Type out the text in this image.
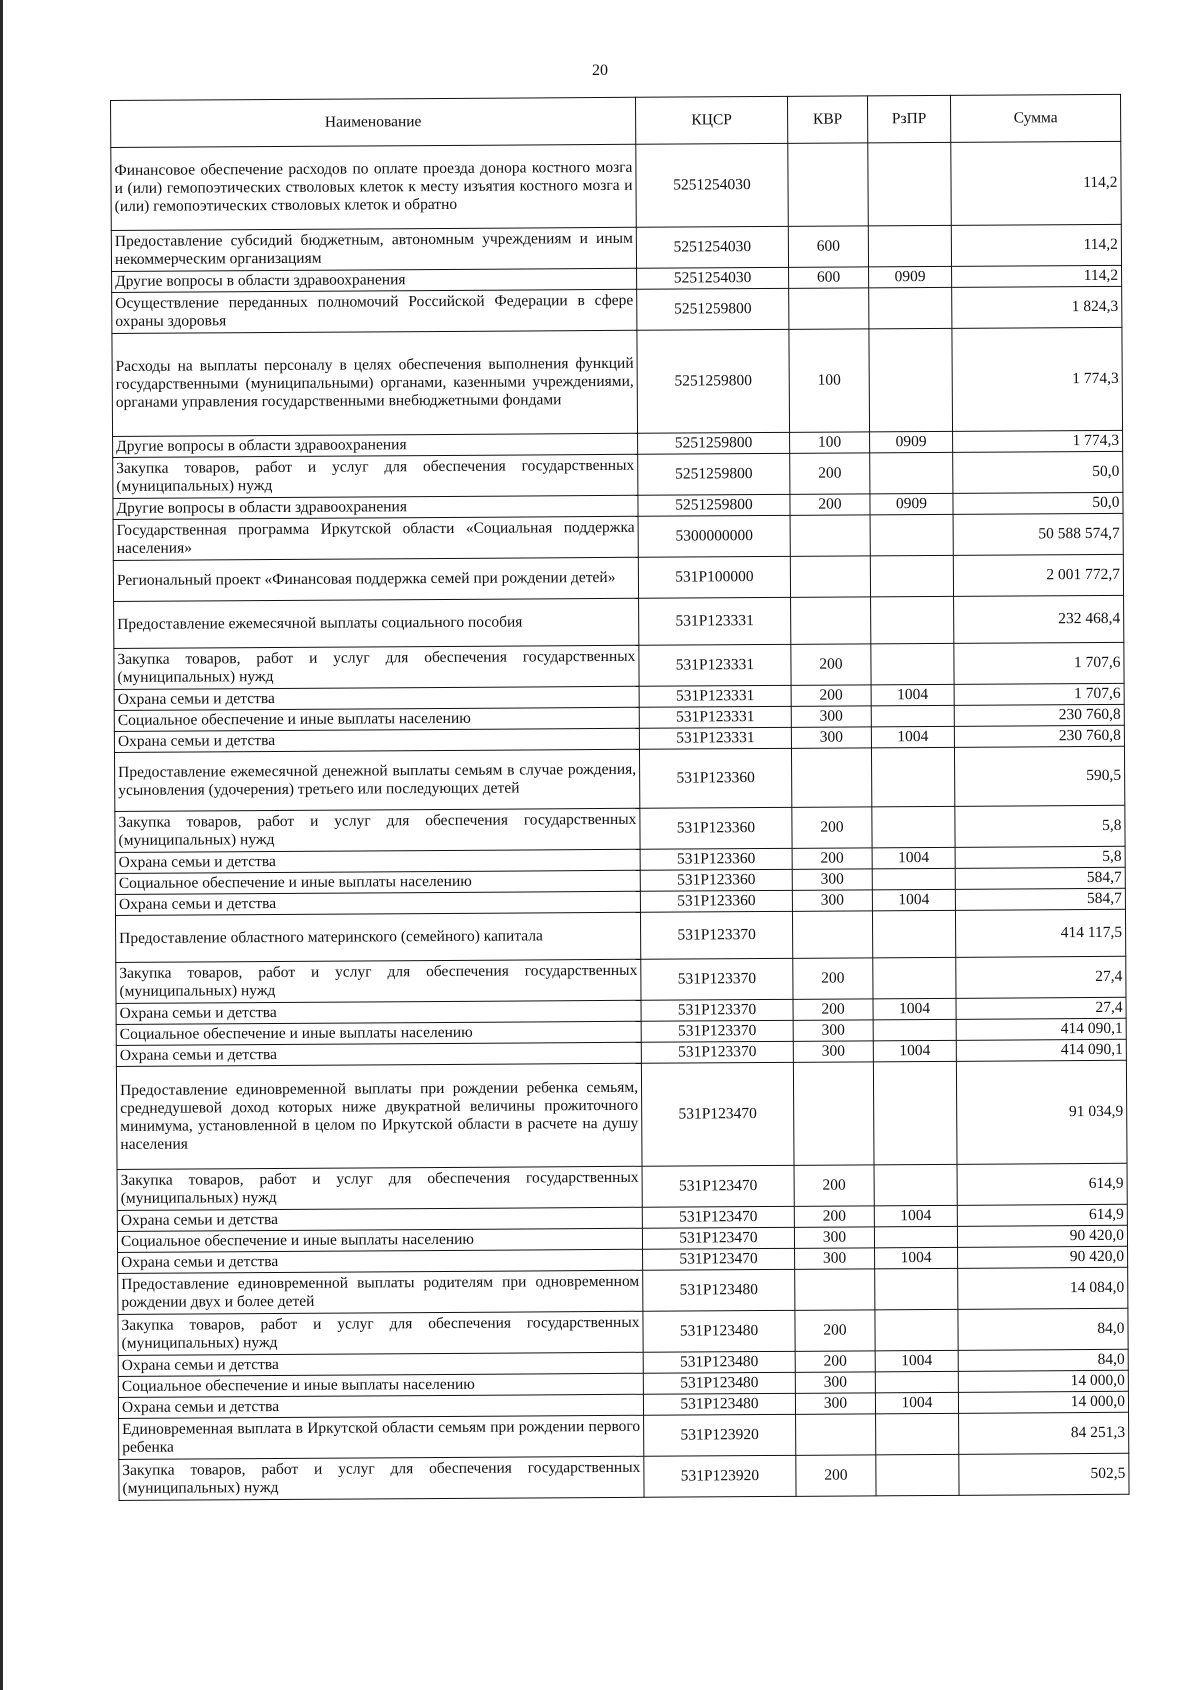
20
Наименование	КЦСР	КВР	РзПР	Сумма
Финансовое обеспечение расходов по оплате проезда донора костного мозга и (или) гемопоэтических стволовых клеток к месту изъятия костного мозга и (или) гемопоэтических стволовых клеток и обратно	5251254030			114,2
Предоставление субсидий бюджетным, автономным учреждениям и иным некоммерческим организациям	5251254030	600		114,2
Другие вопросы в области здравоохранения	5251254030	600	0909	114,2
Осуществление переданных полномочий Российской Федерации в сфере охраны здоровья	5251259800			1 824,3
Расходы на выплаты персоналу в целях обеспечения выполнения функций государственными (муниципальными) органами, казенными учреждениями, органами управления государственными внебюджетными фондами	5251259800	100		1 774,3
Другие вопросы в области здравоохранения	5251259800	100	0909	1 774,3
Закупка товаров, работ и услуг для обеспечения государственных (муниципальных) нужд	5251259800	200		50,0
Другие вопросы в области здравоохранения	5251259800	200	0909	50,0
Государственная программа Иркутской области «Социальная поддержка населения»	5300000000			50 588 574,7
Региональный проект «Финансовая поддержка семей при рождении детей»	531P100000			2 001 772,7
Предоставление ежемесячной выплаты социального пособия	531P123331			232 468,4
Закупка товаров, работ и услуг для обеспечения государственных (муниципальных) нужд	531P123331	200		1 707,6
Охрана семьи и детства	531P123331	200	1004	1 707,6
Социальное обеспечение и иные выплаты населению	531P123331	300		230 760,8
Охрана семьи и детства	531P123331	300	1004	230 760,8
Предоставление ежемесячной денежной выплаты семьям в случае рождения, усыновления (удочерения) третьего или последующих детей	531P123360			590,5
Закупка товаров, работ и услуг для обеспечения государственных (муниципальных) нужд	531P123360	200		5,8
Охрана семьи и детства	531P123360	200	1004	5,8
Социальное обеспечение и иные выплаты населению	531P123360	300		584,7
Охрана семьи и детства	531P123360	300	1004	584,7
Предоставление областного материнского (семейного) капитала	531P123370			414 117,5
Закупка товаров, работ и услуг для обеспечения государственных (муниципальных) нужд	531P123370	200		27,4
Охрана семьи и детства	531P123370	200	1004	27,4
Социальное обеспечение и иные выплаты населению	531P123370	300		414 090,1
Охрана семьи и детства	531P123370	300	1004	414 090,1
Предоставление единовременной выплаты при рождении ребенка семьям, среднедушевой доход которых ниже двукратной величины прожиточного минимума, установленной в целом по Иркутской области в расчете на душу населения	531P123470			91 034,9
Закупка товаров, работ и услуг для обеспечения государственных (муниципальных) нужд	531P123470	200		614,9
Охрана семьи и детства	531P123470	200	1004	614,9
Социальное обеспечение и иные выплаты населению	531P123470	300		90 420,0
Охрана семьи и детства	531P123470	300	1004	90 420,0
Предоставление единовременной выплаты родителям при одновременном рождении двух и более детей	531P123480			14 084,0
Закупка товаров, работ и услуг для обеспечения государственных (муниципальных) нужд	531P123480	200		84,0
Охрана семьи и детства	531P123480	200	1004	84,0
Социальное обеспечение и иные выплаты населению	531P123480	300		14 000,0
Охрана семьи и детства	531P123480	300	1004	14 000,0
Единовременная выплата в Иркутской области семьям при рождении первого ребенка	531P123920			84 251,3
Закупка товаров, работ и услуг для обеспечения государственных (муниципальных) нужд	531P123920	200		502,5
